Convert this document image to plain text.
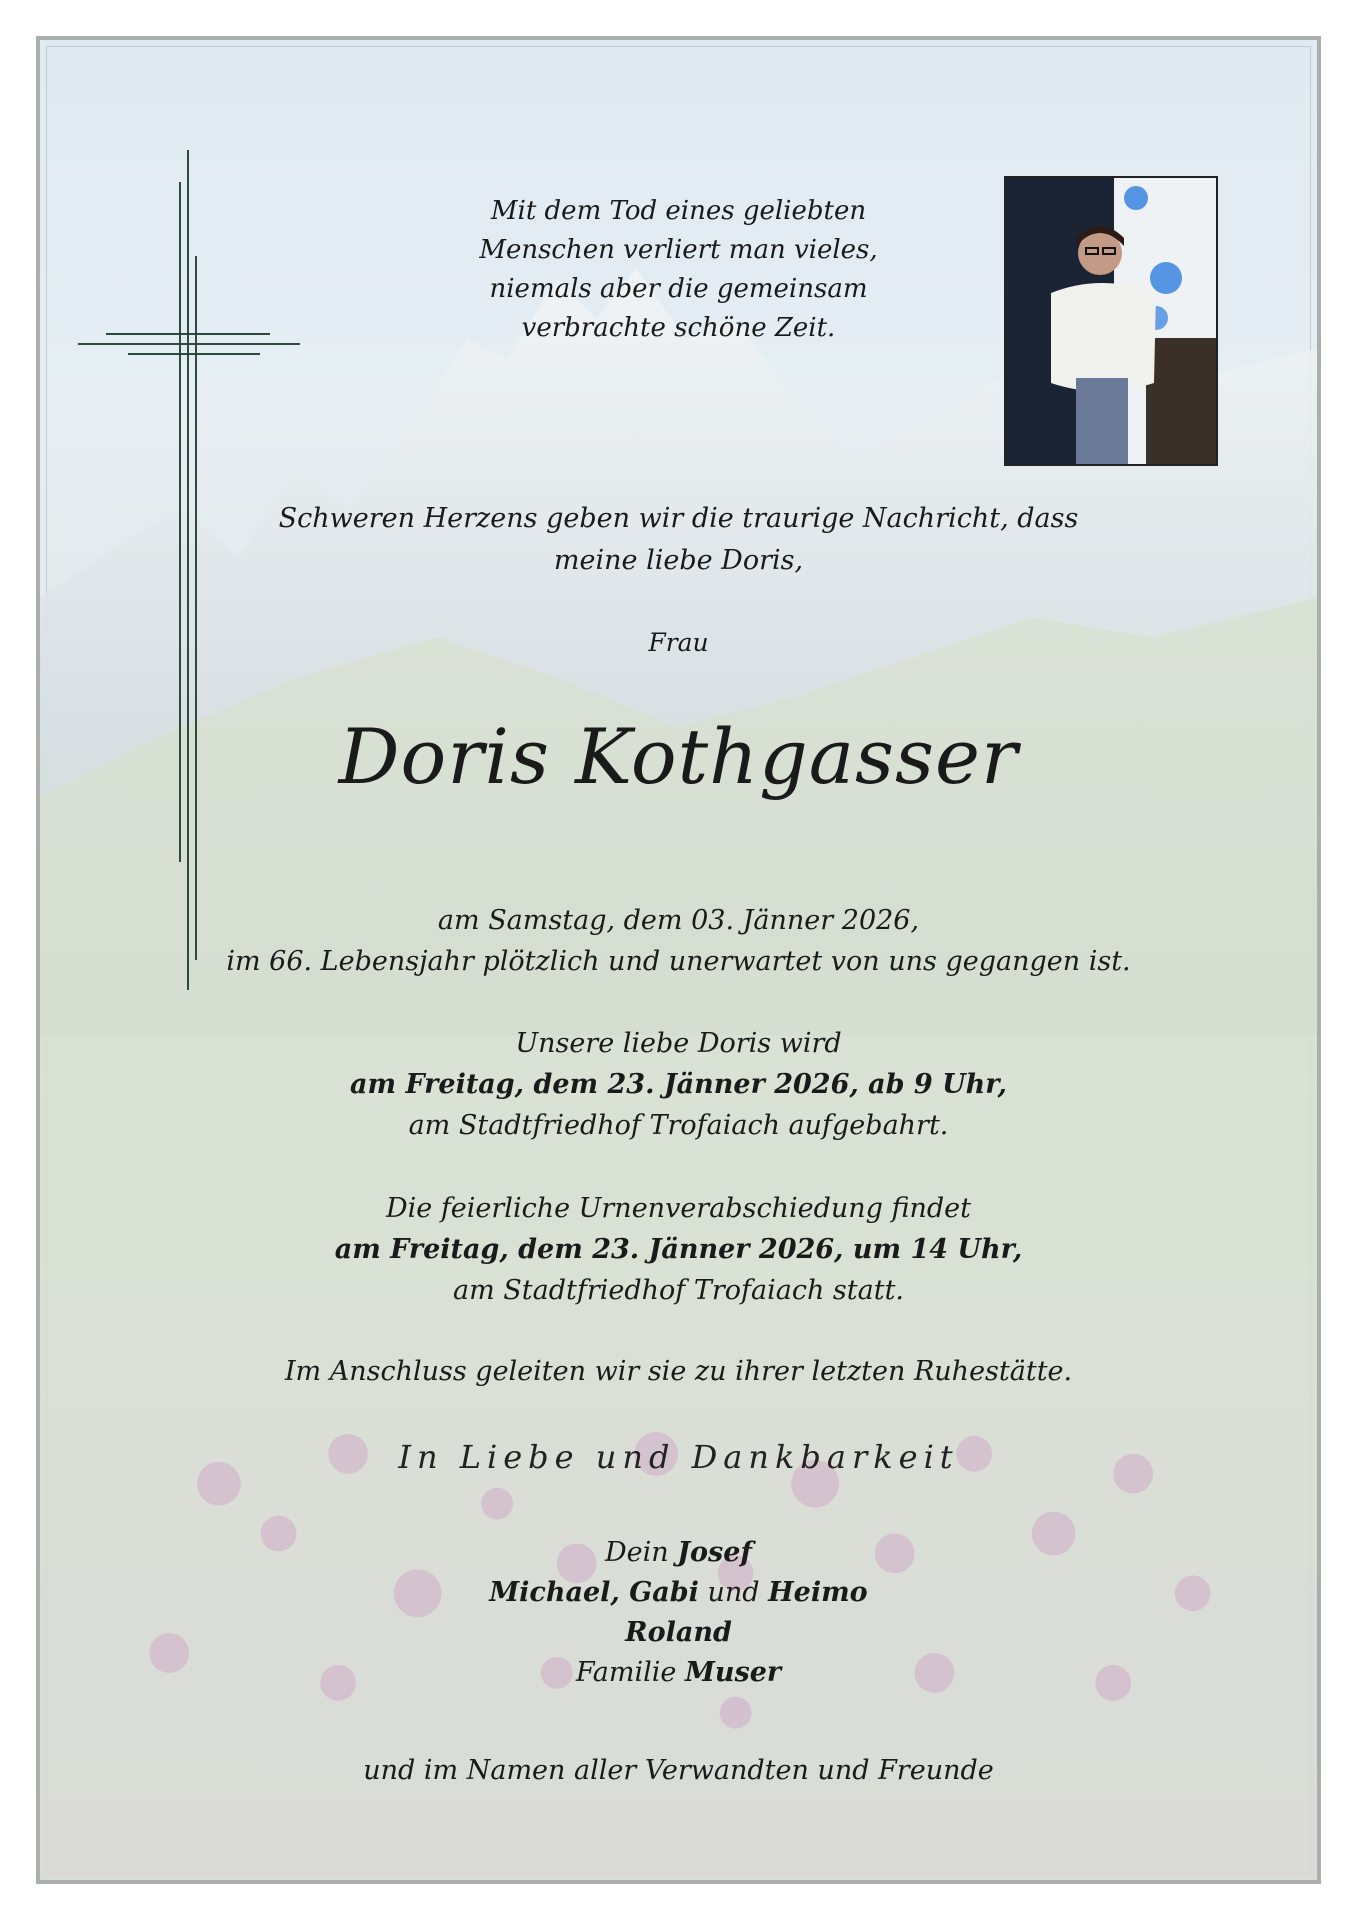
Mit dem Tod eines geliebten
Menschen verliert man vieles,
niemals aber die gemeinsam
verbrachte schöne Zeit.
Schweren Herzens geben wir die traurige Nachricht, dass
meine liebe Doris,
Frau
Doris Kothgasser
am Samstag, dem 03. Jänner 2026,
im 66. Lebensjahr plötzlich und unerwartet von uns gegangen ist.
Unsere liebe Doris wird
am Freitag, dem 23. Jänner 2026, ab 9 Uhr,
am Stadtfriedhof Trofaiach aufgebahrt.
Die feierliche Urnenverabschiedung findet
am Freitag, dem 23. Jänner 2026, um 14 Uhr,
am Stadtfriedhof Trofaiach statt.
Im Anschluss geleiten wir sie zu ihrer letzten Ruhestätte.
In Liebe und Dankbarkeit
Dein Josef
Michael, Gabi und Heimo
Roland
Familie Muser
und im Namen aller Verwandten und Freunde
